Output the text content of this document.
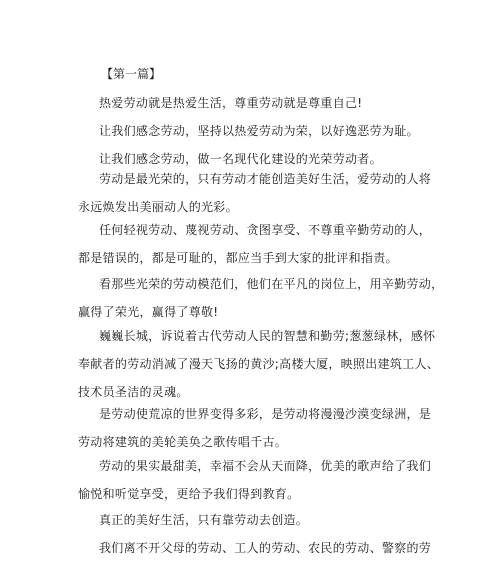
【第一篇】
热爱劳动就是热爱生活，尊重劳动就是尊重自己!
让我们感念劳动，坚持以热爱劳动为荣，以好逸恶劳为耻。
让我们感念劳动，做一名现代化建设的光荣劳动者。
劳动是最光荣的，只有劳动才能创造美好生活，爱劳动的人将
永远焕发出美丽动人的光彩。
任何轻视劳动、蔑视劳动、贪图享受、不尊重辛勤劳动的人，
都是错误的，都是可耻的，都应当手到大家的批评和指责。
看那些光荣的劳动模范们，他们在平凡的岗位上，用辛勤劳动，
赢得了荣光，赢得了尊敬!
巍巍长城，诉说着古代劳动人民的智慧和勤劳;葱葱绿林，感怀
奉献者的劳动消减了漫天飞扬的黄沙;高楼大厦，映照出建筑工人、
技术员圣洁的灵魂。
是劳动使荒凉的世界变得多彩，是劳动将漫漫沙漠变绿洲，是
劳动将建筑的美轮美奂之歌传唱千古。
劳动的果实最甜美，幸福不会从天而降，优美的歌声给了我们
愉悦和听觉享受，更给予我们得到教育。
真正的美好生活，只有靠劳动去创造。
我们离不开父母的劳动、工人的劳动、农民的劳动、警察的劳
